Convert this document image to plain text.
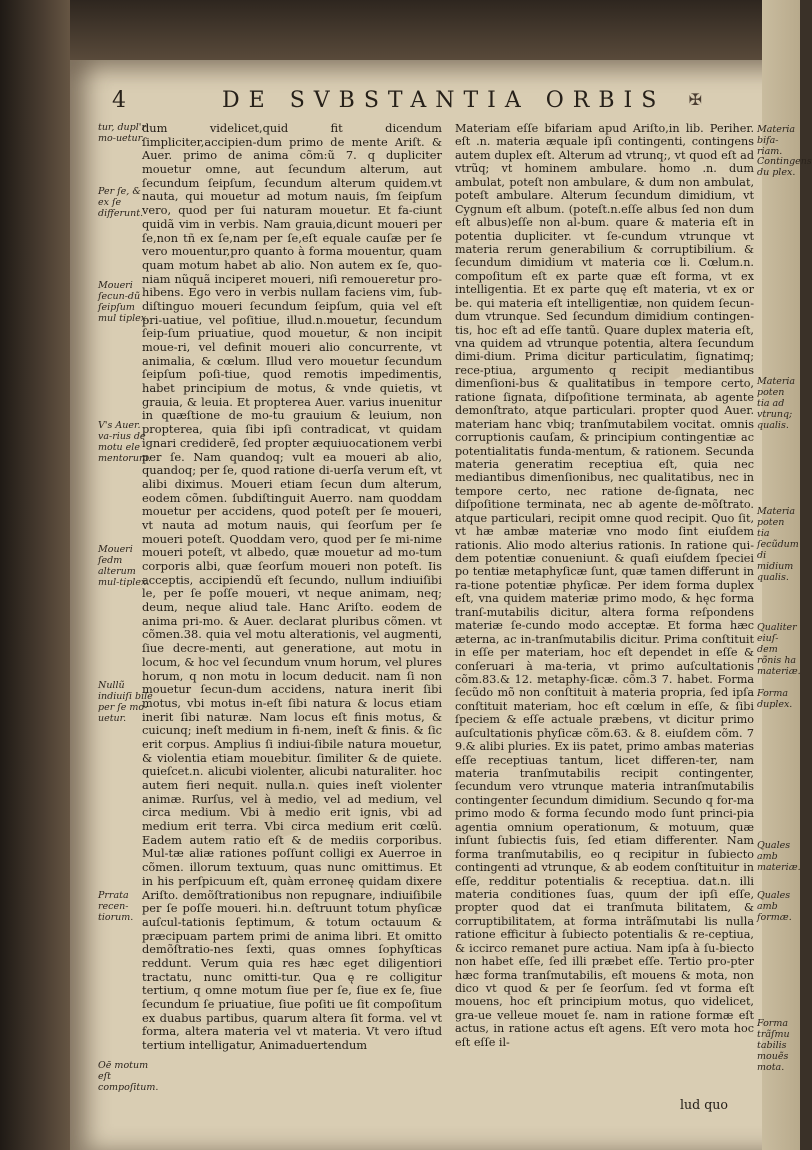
4	DE SVBSTANTIA ORBIS ✠

dum videlicet,quid fit dicendum ſimpliciter,accipien-dum primo de mente Ariſt. & Auer. primo de anima cõm:ũ 7. q dupliciter mouetur omne, aut ſecundum alterum, aut ſecundum ſeipſum, ſecundum alterum quidem.vt nauta, qui mouetur ad motum nauis, ſm ſeipſum vero, quod per ſui naturam mouetur. Et fa-ciunt quidã vim in verbis. Nam grauia,dicunt moueri per ſe,non tñ ex ſe,nam per ſe,eſt equale cauſæ per ſe vero mouentur,pro quanto à forma mouentur, quam quam motum habet ab alio. Non autem ex ſe, quo-niam nũquã inciperet moueri, niſi remoueretur pro-hibens. Ego vero in verbis nullam faciens vim, ſub-diſtinguo moueri ſecundum ſeipſum, quia vel eſt pri-uatiue, vel poſitiue, illud.n.mouetur, ſecundum ſeip-ſum priuatiue, quod mouetur, & non incipit moue-ri, vel definit moueri alio concurrente, vt animalia, & cœlum. Illud vero mouetur ſecundum ſeipſum poſi-tiue, quod remotis impedimentis, habet principium de motus, & vnde quietis, vt grauia, & leuia. Et propterea Auer. varius inuenitur in quæſtione de mo-tu grauium & leuium, non propterea, quia ſibi ipſi contradicat, vt quidam ignari crediderē, ſed propter æquiuocationem verbi per ſe. Nam quandoq; vult ea moueri ab alio, quandoq; per ſe, quod ratione di-uerſa verum eſt, vt alibi diximus. Moueri etiam ſecun dum alterum, eodem cõmen. ſubdiſtinguit Auerro. nam quoddam mouetur per accidens, quod poteſt per ſe moueri, vt nauta ad motum nauis, qui ſeorſum per ſe moueri poteſt. Quoddam vero, quod per ſe mi-nime moueri poteſt, vt albedo, quæ mouetur ad mo-tum corporis albi, quæ ſeorſum moueri non poteſt. Iis acceptis, accipiendũ eſt ſecundo, nullum indiuiſibi le, per ſe poſſe moueri, vt neque animam, neq; deum, neque aliud tale. Hanc Ariſto. eodem de anima pri-mo. & Auer. declarat pluribus cõmen. vt cõmen.38. quia vel motu alterationis, vel augmenti, ſiue decre-menti, aut generatione, aut motu in locum, & hoc vel ſecundum vnum horum, vel plures horum, q non motu in locum deducit. nam ſi non mouetur ſecun-dum accidens, natura inerit ſibi motus, vbi motus in-eſt ſibi natura & locus etiam inerit ſibi naturæ. Nam locus eſt finis motus, & cuicunq; ineſt medium in fi-nem, ineſt & finis. & ſic erit corpus. Amplius ſi indiui-ſibile natura mouetur, & violentia etiam mouebitur. ſimiliter & de quiete. quieſcet.n. alicubi violenter, alicubi naturaliter. hoc autem fieri nequit. nulla.n. quies ineſt violenter animæ. Rurſus, vel à medio, vel ad medium, vel circa medium. Vbi à medio erit ignis, vbi ad medium erit terra. Vbi circa medium erit cœlũ. Eadem autem ratio eſt & de mediis corporibus. Mul-tæ aliæ rationes poſſunt colligi ex Auerroe in cõmen. illorum textuum, quas nunc omittimus. Et in his perſpicuum eſt, quàm erroneę quidam dixere Ariſto. demõſtrationibus non repugnare, indiuiſibile per ſe poſſe moueri. hi.n. deſtruunt totum phyſicæ auſcul-tationis ſeptimum, & totum octauum & præcipuam partem primi de anima libri. Et omitto demõſtratio-nes ſexti, quas omnes ſophyſticas reddunt. Verum quia res hæc eget diligentiori tractatu, nunc omitti-tur. Qua ę re colligitur tertium, q omne motum ſiue per ſe, ſiue ex ſe, ſiue ſecundum ſe priuatiue, ſiue poſiti ue ſit compoſitum ex duabus partibus, quarum altera ſit forma. vel vt forma, altera materia vel vt materia. Vt vero iſtud tertium intelligatur, Animaduertendum

Materiam eſſe bifariam apud Ariſto,in lib. Periher. eſt .n. materia æquale ipſi contingenti, contingens autem duplex eſt. Alterum ad vtrunq;, vt quod eſt ad vtrũq; vt hominem ambulare. homo .n. dum ambulat, poteſt non ambulare, & dum non ambulat, poteſt ambulare. Alterum ſecundum dimidium, vt Cygnum eſt album. (poteſt.n.eſſe albus ſed non dum eſt albus)eſſe non al-bum. quare & materia eſt in potentia dupliciter. vt ſe-cundum vtrunque vt materia rerum generabilium & corruptibilium. & ſecundum dimidium vt materia cœ li. Cœlum.n. compoſitum eſt ex parte quæ eſt forma, vt ex intelligentia. Et ex parte quę eſt materia, vt ex or be. qui materia eſt intelligentiæ, non quidem ſecun-dum vtrunque. Sed ſecundum dimidium contingen-tis, hoc eſt ad eſſe tantũ. Quare duplex materia eſt, vna quidem ad vtrunque potentia, altera ſecundum dimi-dium. Prima dicitur particulatim, ſignatimq; rece-ptiua, argumento q recipit mediantibus dimenſioni-bus & qualitatibus in tempore certo, ratione ſignata, diſpoſitione terminata, ab agente demonſtrato, atque particulari. propter quod Auer. materiam hanc vbiq; tranſmutabilem vocitat. omnis corruptionis cauſam, & principium contingentiæ ac potentialitatis funda-mentum, & rationem. Secunda materia generatim receptiua eſt, quia nec mediantibus dimenſionibus, nec qualitatibus, nec in tempore certo, nec ratione de-ſignata, nec diſpoſitione terminata, nec ab agente de-mõſtrato. atque particulari, recipit omne quod recipit. Quo ſit, vt hæ ambæ materiæ vno modo ſint eiuſdem rationis. Alio modo alterius rationis. In ratione qui-dem potentiæ conueniunt. & quaſi eiuſdem ſpeciei po tentiæ metaphyſicæ ſunt, quæ tamen differunt in ra-tione potentiæ phyſicæ. Per idem forma duplex eſt, vna quidem materiæ primo modo, & hęc forma tranſ-mutabilis dicitur, altera forma reſpondens materiæ ſe-cundo modo acceptæ. Et forma hæc æterna, ac in-tranſmutabilis dicitur. Prima conſtituit in eſſe per materiam, hoc eſt dependet in eſſe & conſeruari à ma-teria, vt primo auſcultationis cõm.83.& 12. metaphy-ſicæ. cõm.3 7. habet. Forma ſecũdo mõ non conſtituit à materia propria, ſed ipſa conſtituit materiam, hoc eſt cœlum in eſſe, & ſibi ſpeciem & eſſe actuale præbens, vt dicitur primo auſcultationis phyſicæ cõm.63. & 8. eiuſdem cõm. 7 9.& alibi pluries. Ex iis patet, primo ambas materias eſſe receptiuas tantum, licet differen-ter, nam materia tranſmutabilis recipit contingenter, ſecundum vero vtrunque materia intranſmutabilis contingenter ſecundum dimidium. Secundo q for-ma primo modo & forma ſecundo modo ſunt princi-pia agentia omnium operationum, & motuum, quæ inſunt ſubiectis ſuis, ſed etiam differenter. Nam forma tranſmutabilis, eo q recipitur in ſubiecto contingenti ad vtrunque, & ab eodem conſtituitur in eſſe, redditur potentialis & receptiua. dat.n. illi materia conditiones ſuas, quum der ipſi eſſe, propter quod dat ei tranſmuta bilitatem, & corruptibilitatem, at forma intrãſmutabi lis nulla ratione efficitur à ſubiecto potentialis & re-ceptiua, & iccirco remanet pure actiua. Nam ipſa à ſu-biecto non habet eſſe, ſed illi præbet eſſe. Tertio pro-pter hæc forma tranſmutabilis, eſt mouens & mota, non dico vt quod & per ſe ſeorſum. ſed vt forma eſt mouens, hoc eſt principium motus, quo videlicet, gra-ue velleue mouet ſe. nam in ratione formæ eſt actus, in ratione actus eſt agens. Eſt vero mota hoc eſt eſſe il-

tur, dupl'r mo-uetur.
Per ſe, & ex ſe differunt.
Moueri ſecun-dũ ſeipſum mul tiplex.
V's Auer. va-rius de motu ele mentorum.
Moueri ſedm alterum mul-tiplex.
Nullũ indiuiſi bile per ſe mo-uetur.
Prrata recen-tiorum.
Oē motum eſt compoſitum.
Materia bifa-riam.
Contingens du plex.
Materia poten tia ad vtrunq; qualis.
Materia poten tia ſecũdum di midium qualis.
Qualiter eiuſ-dem rõnis ha materiæ.
Forma duplex.
Quales amb materiæ.
Quales amb formæ.
Forma trãſmu tabilis mouẽs mota.
lud quo
